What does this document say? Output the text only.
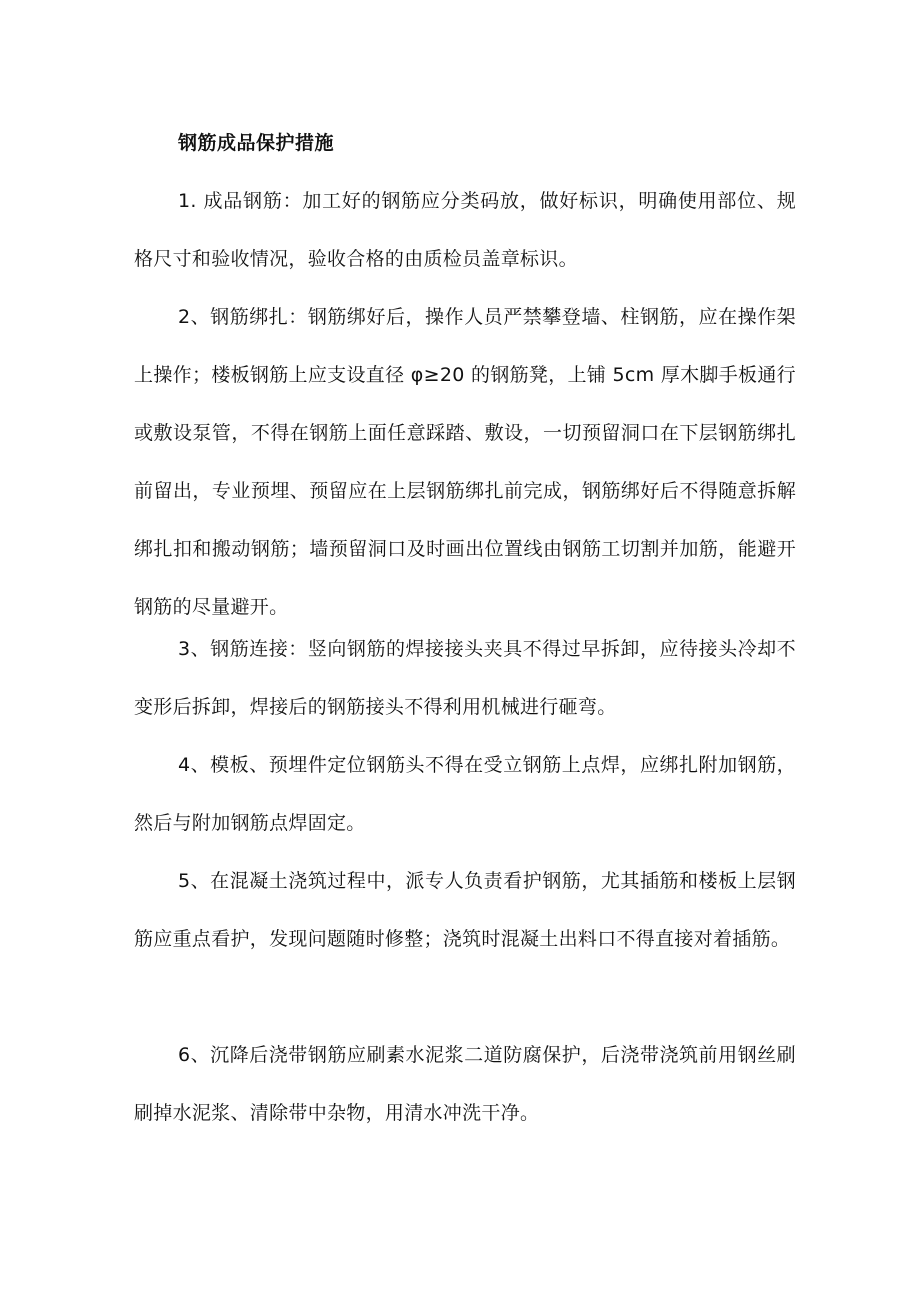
钢筋成品保护措施

1. 成品钢筋：加工好的钢筋应分类码放，做好标识，明确使用部位、规格尺寸和验收情况，验收合格的由质检员盖章标识。

2、钢筋绑扎：钢筋绑好后，操作人员严禁攀登墙、柱钢筋，应在操作架上操作；楼板钢筋上应支设直径 φ≥20 的钢筋凳，上铺 5cm 厚木脚手板通行或敷设泵管，不得在钢筋上面任意踩踏、敷设，一切预留洞口在下层钢筋绑扎前留出，专业预埋、预留应在上层钢筋绑扎前完成，钢筋绑好后不得随意拆解绑扎扣和搬动钢筋；墙预留洞口及时画出位置线由钢筋工切割并加筋，能避开钢筋的尽量避开。

3、钢筋连接：竖向钢筋的焊接接头夹具不得过早拆卸，应待接头冷却不变形后拆卸，焊接后的钢筋接头不得利用机械进行砸弯。

4、模板、预埋件定位钢筋头不得在受立钢筋上点焊，应绑扎附加钢筋，然后与附加钢筋点焊固定。

5、在混凝土浇筑过程中，派专人负责看护钢筋，尤其插筋和楼板上层钢筋应重点看护，发现问题随时修整；浇筑时混凝土出料口不得直接对着插筋。

6、沉降后浇带钢筋应刷素水泥浆二道防腐保护，后浇带浇筑前用钢丝刷刷掉水泥浆、清除带中杂物，用清水冲洗干净。
